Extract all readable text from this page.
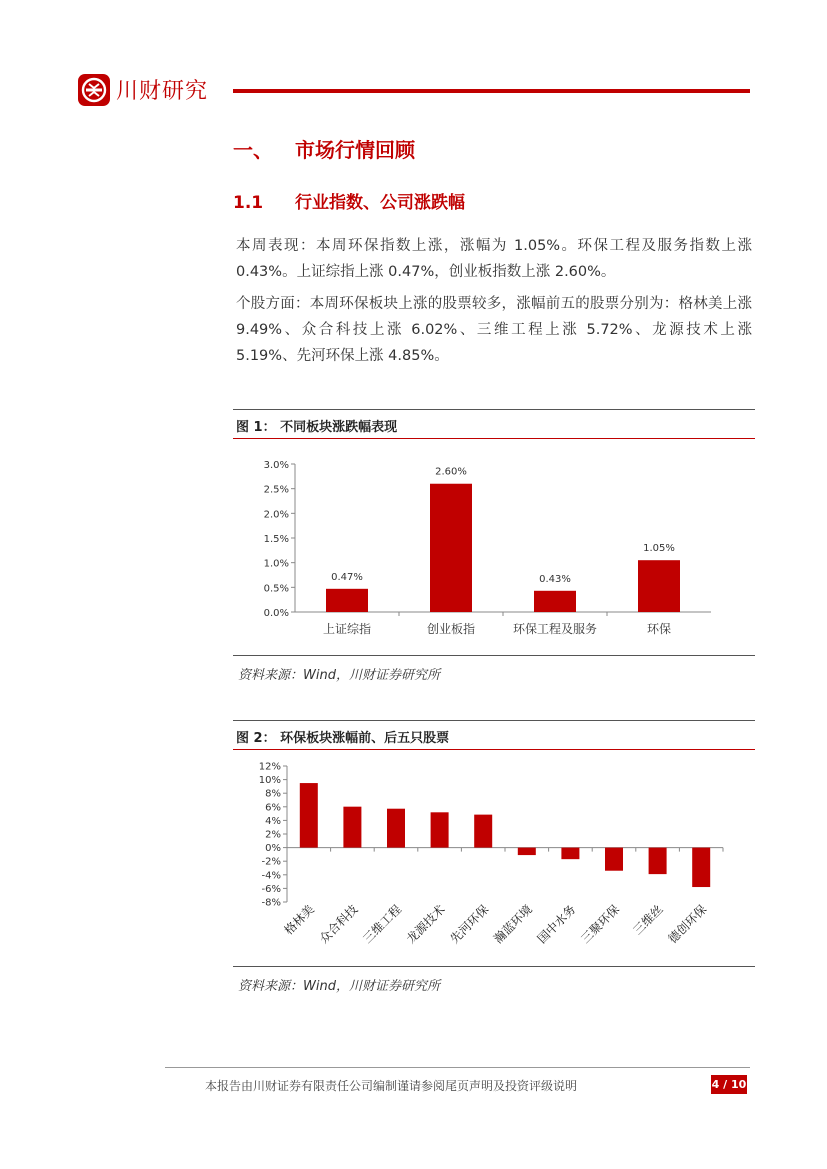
川财研究
一、 市场行情回顾
1.1 行业指数、公司涨跌幅
本周表现：本周环保指数上涨，涨幅为 1.05%。环保工程及服务指数上涨 0.43%。上证综指上涨 0.47%，创业板指数上涨 2.60%。
个股方面：本周环保板块上涨的股票较多，涨幅前五的股票分别为：格林美上涨 9.49%、众合科技上涨 6.02%、三维工程上涨 5.72%、龙源技术上涨 5.19%、先河环保上涨 4.85%。
图 1： 不同板块涨跌幅表现
0.0%
0.5%
1.0%
1.5%
2.0%
2.5%
3.0%
0.47%
上证综指
2.60%
创业板指
0.43%
环保工程及服务
1.05%
环保
资料来源：Wind，川财证券研究所
图 2： 环保板块涨幅前、后五只股票
12%
10%
8%
6%
4%
2%
0%
-2%
-4%
-6%
-8% 格林美 众合科技 三维工程 龙源技术 先河环保 瀚蓝环境 国中水务 三聚环保 三维丝 德创环保
资料来源：Wind，川财证券研究所
本报告由川财证券有限责任公司编制谨请参阅尾页声明及投资评级说明	4 / 10
